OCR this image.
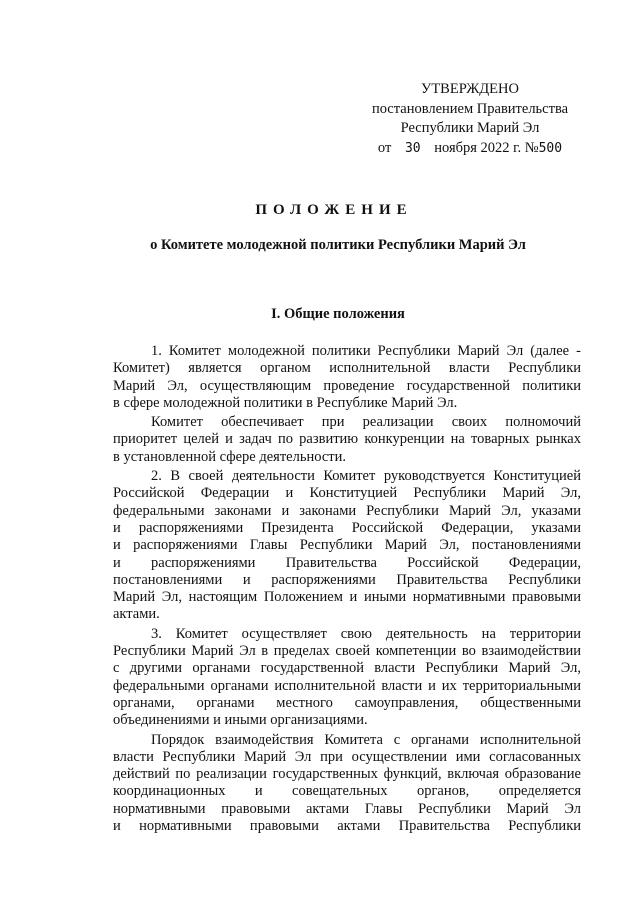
УТВЕРЖДЕНО
постановлением Правительства
Республики Марий Эл
от 30 ноября 2022 г. №500
ПОЛОЖЕНИЕ
о Комитете молодежной политики Республики Марий Эл
I. Общие положения
1. Комитет молодежной политики Республики Марий Эл (далее -
Комитет) является органом исполнительной власти Республики
Марий Эл, осуществляющим проведение государственной политики
в сфере молодежной политики в Республике Марий Эл.
Комитет обеспечивает при реализации своих полномочий
приоритет целей и задач по развитию конкуренции на товарных рынках
в установленной сфере деятельности.
2. В своей деятельности Комитет руководствуется Конституцией
Российской Федерации и Конституцией Республики Марий Эл,
федеральными законами и законами Республики Марий Эл, указами
и распоряжениями Президента Российской Федерации, указами
и распоряжениями Главы Республики Марий Эл, постановлениями
и распоряжениями Правительства Российской Федерации,
постановлениями и распоряжениями Правительства Республики
Марий Эл, настоящим Положением и иными нормативными правовыми
актами.
3. Комитет осуществляет свою деятельность на территории
Республики Марий Эл в пределах своей компетенции во взаимодействии
с другими органами государственной власти Республики Марий Эл,
федеральными органами исполнительной власти и их территориальными
органами, органами местного самоуправления, общественными
объединениями и иными организациями.
Порядок взаимодействия Комитета с органами исполнительной
власти Республики Марий Эл при осуществлении ими согласованных
действий по реализации государственных функций, включая образование
координационных и совещательных органов, определяется
нормативными правовыми актами Главы Республики Марий Эл
и нормативными правовыми актами Правительства Республики
